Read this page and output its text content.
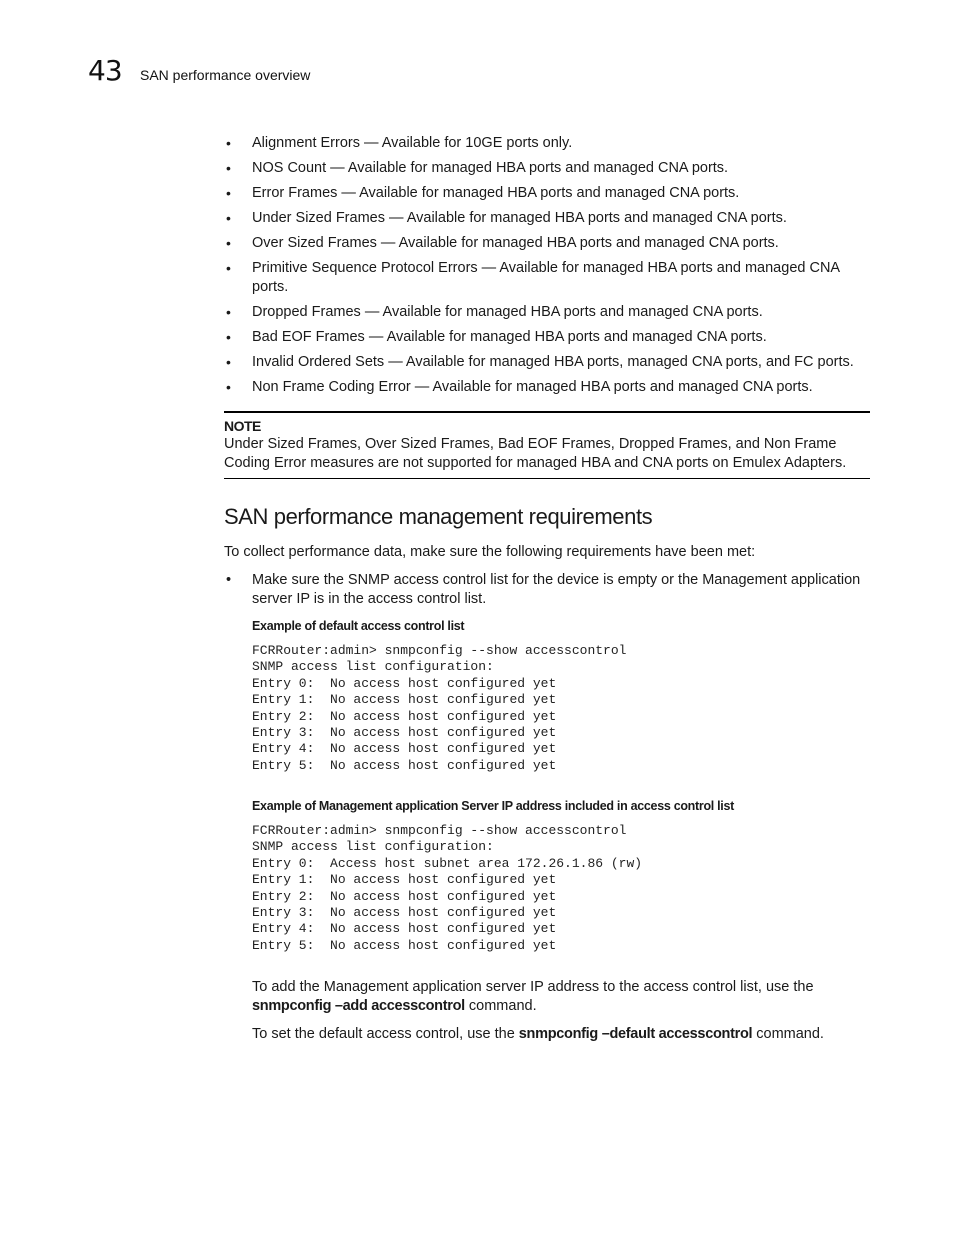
43 SAN performance overview
• Alignment Errors — Available for 10GE ports only.
• NOS Count — Available for managed HBA ports and managed CNA ports.
• Error Frames — Available for managed HBA ports and managed CNA ports.
• Under Sized Frames — Available for managed HBA ports and managed CNA ports.
• Over Sized Frames — Available for managed HBA ports and managed CNA ports.
• Primitive Sequence Protocol Errors — Available for managed HBA ports and managed CNA ports.
• Dropped Frames — Available for managed HBA ports and managed CNA ports.
• Bad EOF Frames — Available for managed HBA ports and managed CNA ports.
• Invalid Ordered Sets — Available for managed HBA ports, managed CNA ports, and FC ports.
• Non Frame Coding Error — Available for managed HBA ports and managed CNA ports.
NOTE
Under Sized Frames, Over Sized Frames, Bad EOF Frames, Dropped Frames, and Non Frame Coding Error measures are not supported for managed HBA and CNA ports on Emulex Adapters.
SAN performance management requirements

To collect performance data, make sure the following requirements have been met:

• Make sure the SNMP access control list for the device is empty or the Management application server IP is in the access control list.

Example of default access control list

FCRRouter:admin> snmpconfig --show accesscontrol
SNMP access list configuration:
Entry 0:  No access host configured yet
Entry 1:  No access host configured yet
Entry 2:  No access host configured yet
Entry 3:  No access host configured yet
Entry 4:  No access host configured yet
Entry 5:  No access host configured yet

Example of Management application Server IP address included in access control list

FCRRouter:admin> snmpconfig --show accesscontrol
SNMP access list configuration:
Entry 0:  Access host subnet area 172.26.1.86 (rw)
Entry 1:  No access host configured yet
Entry 2:  No access host configured yet
Entry 3:  No access host configured yet
Entry 4:  No access host configured yet
Entry 5:  No access host configured yet

To add the Management application server IP address to the access control list, use the snmpconfig –add accesscontrol command.

To set the default access control, use the snmpconfig –default accesscontrol command.
